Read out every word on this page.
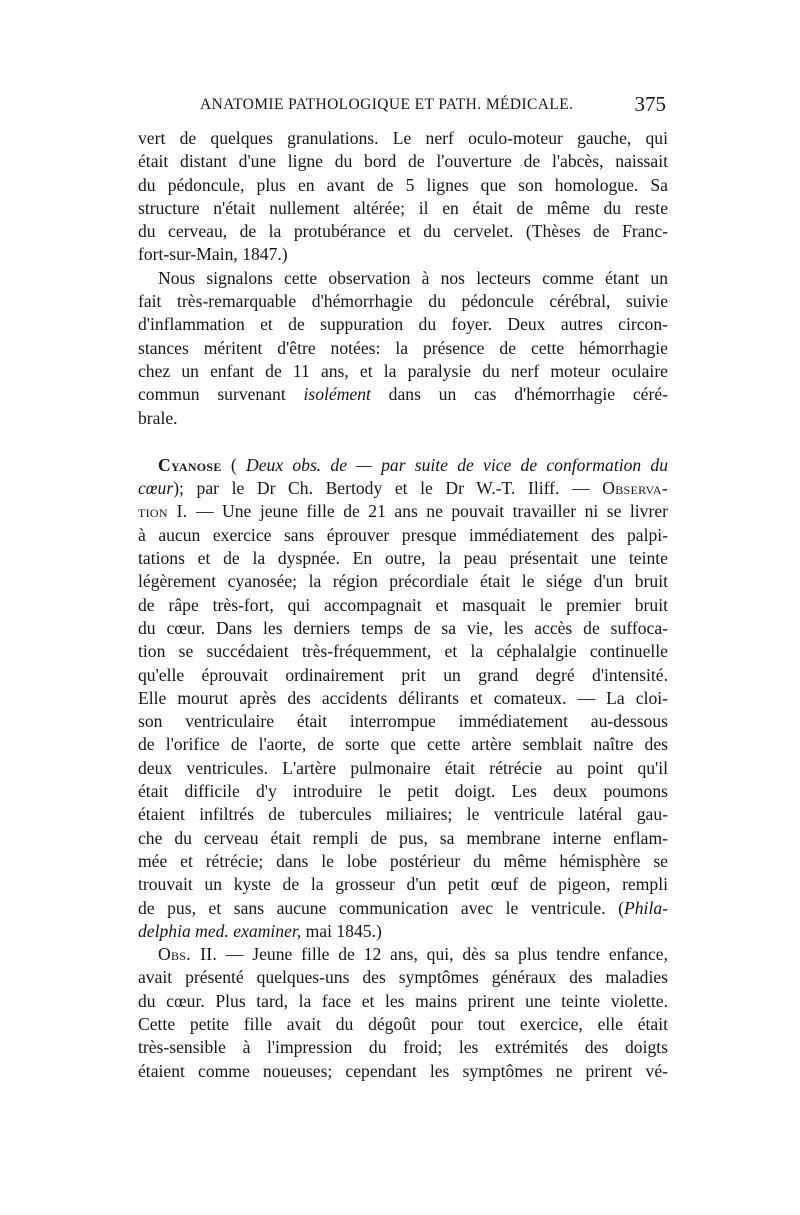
ANATOMIE PATHOLOGIQUE ET PATH. MÉDICALE.	375
vert de quelques granulations. Le nerf oculo-moteur gauche, qui
était distant d'une ligne du bord de l'ouverture de l'abcès, naissait
du pédoncule, plus en avant de 5 lignes que son homologue. Sa
structure n'était nullement altérée; il en était de même du reste
du cerveau, de la protubérance et du cervelet. (Thèses de Franc-
fort-sur-Main, 1847.)
Nous signalons cette observation à nos lecteurs comme étant un
fait très-remarquable d'hémorrhagie du pédoncule cérébral, suivie
d'inflammation et de suppuration du foyer. Deux autres circon-
stances méritent d'être notées: la présence de cette hémorrhagie
chez un enfant de 11 ans, et la paralysie du nerf moteur oculaire
commun survenant isolément dans un cas d'hémorrhagie céré-
brale.
Cyanose ( Deux obs. de — par suite de vice de conformation du
cœur); par le Dr Ch. Bertody et le Dr W.-T. Iliff. — Observa-
tion I. — Une jeune fille de 21 ans ne pouvait travailler ni se livrer
à aucun exercice sans éprouver presque immédiatement des palpi-
tations et de la dyspnée. En outre, la peau présentait une teinte
légèrement cyanosée; la région précordiale était le siége d'un bruit
de râpe très-fort, qui accompagnait et masquait le premier bruit
du cœur. Dans les derniers temps de sa vie, les accès de suffoca-
tion se succédaient très-fréquemment, et la céphalalgie continuelle
qu'elle éprouvait ordinairement prit un grand degré d'intensité.
Elle mourut après des accidents délirants et comateux. — La cloi-
son ventriculaire était interrompue immédiatement au-dessous
de l'orifice de l'aorte, de sorte que cette artère semblait naître des
deux ventricules. L'artère pulmonaire était rétrécie au point qu'il
était difficile d'y introduire le petit doigt. Les deux poumons
étaient infiltrés de tubercules miliaires; le ventricule latéral gau-
che du cerveau était rempli de pus, sa membrane interne enflam-
mée et rétrécie; dans le lobe postérieur du même hémisphère se
trouvait un kyste de la grosseur d'un petit œuf de pigeon, rempli
de pus, et sans aucune communication avec le ventricule. (Phila-
delphia med. examiner, mai 1845.)
Obs. II. — Jeune fille de 12 ans, qui, dès sa plus tendre enfance,
avait présenté quelques-uns des symptômes généraux des maladies
du cœur. Plus tard, la face et les mains prirent une teinte violette.
Cette petite fille avait du dégoût pour tout exercice, elle était
très-sensible à l'impression du froid; les extrémités des doigts
étaient comme noueuses; cependant les symptômes ne prirent vé-
